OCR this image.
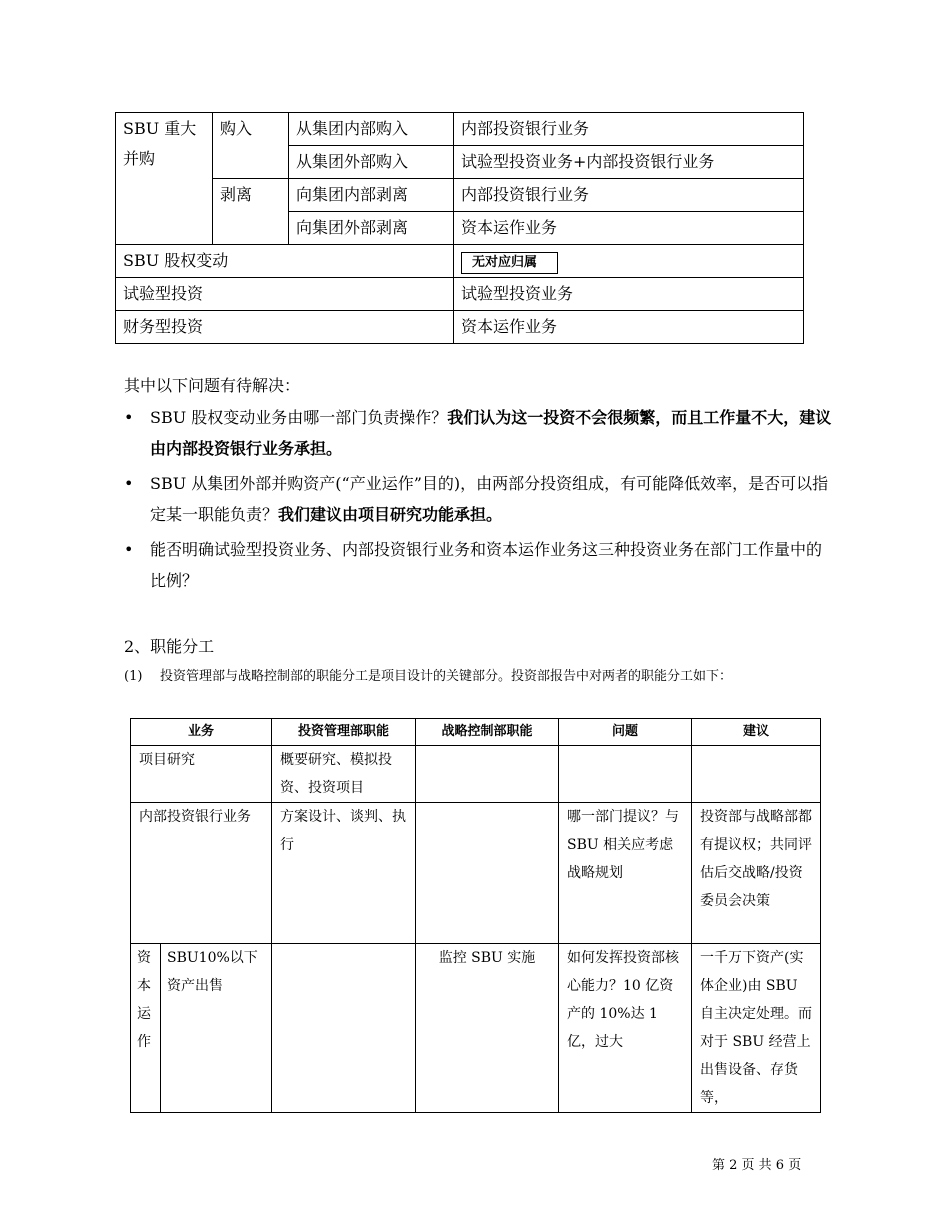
SBU 重大并购	购入	从集团内部购入	内部投资银行业务
		从集团外部购入	试验型投资业务+内部投资银行业务
	剥离	向集团内部剥离	内部投资银行业务
		向集团外部剥离	资本运作业务
SBU 股权变动			无对应归属
试验型投资			试验型投资业务
财务型投资			资本运作业务
其中以下问题有待解决：
• SBU 股权变动业务由哪一部门负责操作？我们认为这一投资不会很频繁，而且工作量不大，建议由内部投资银行业务承担。
• SBU 从集团外部并购资产(“产业运作”目的)，由两部分投资组成，有可能降低效率，是否可以指定某一职能负责？我们建议由项目研究功能承担。
• 能否明确试验型投资业务、内部投资银行业务和资本运作业务这三种投资业务在部门工作量中的比例？
2、职能分工
(1)	投资管理部与战略控制部的职能分工是项目设计的关键部分。投资部报告中对两者的职能分工如下：
业务		投资管理部职能	战略控制部职能	问题	建议
项目研究		概要研究、模拟投资、投资项目			
内部投资银行业务		方案设计、谈判、执行		哪一部门提议？与 SBU 相关应考虑战略规划	投资部与战略部都有提议权；共同评估后交战略/投资委员会决策
资本运作	SBU10%以下资产出售		监控 SBU 实施	如何发挥投资部核心能力？10 亿资产的 10%达 1 亿，过大	一千万下资产(实体企业)由 SBU 自主决定处理。而对于 SBU 经营上出售设备、存货等，
第 2 页 共 6 页
